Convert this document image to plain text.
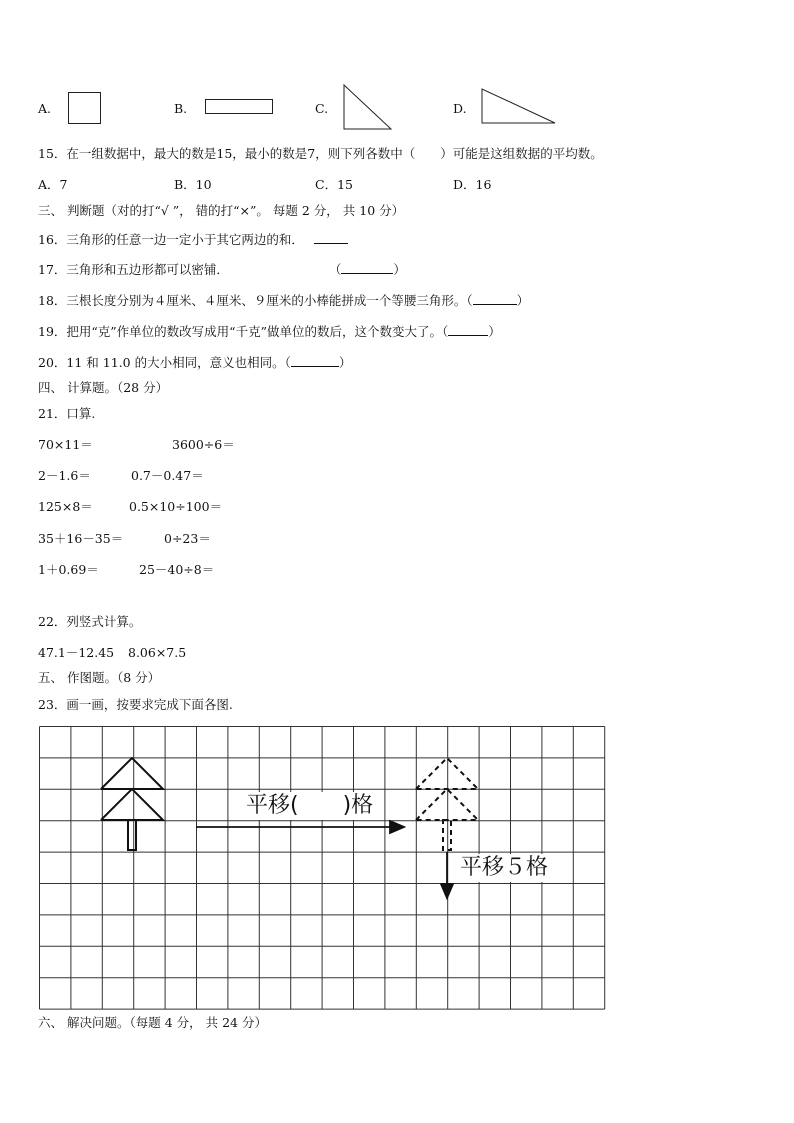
A.	B.	C.	D.
15．在一组数据中，最大的数是15，最小的数是7，则下列各数中（　　）可能是这组数据的平均数。
A．7	B．10	C．15	D．16
三、 判断题（对的打“√ ”， 错的打“×”。 每题 2 分， 共 10 分）
16．三角形的任意一边一定小于其它两边的和．
17．三角形和五边形都可以密铺．	（	）
18．三根长度分别为４厘米、４厘米、９厘米的小棒能拼成一个等腰三角形。（	）
19．把用“克”作单位的数改写成用“千克”做单位的数后，这个数变大了。（	）
20．11 和 11.0 的大小相同，意义也相同。（	）
四、 计算题。（28 分）
21．口算.
70×11＝	3600÷6＝
2－1.6＝	0.7－0.47＝
125×8＝	0.5×10÷100＝
35＋16－35＝	0÷23＝
1＋0.69＝	25－40÷8＝
22．列竖式计算。
47.1－12.45 8.06×7.5
五、 作图题。（8 分）
23．画一画，按要求完成下面各图.
平移(　　)格
平移５格
六、 解决问题。（每题 4 分， 共 24 分）
